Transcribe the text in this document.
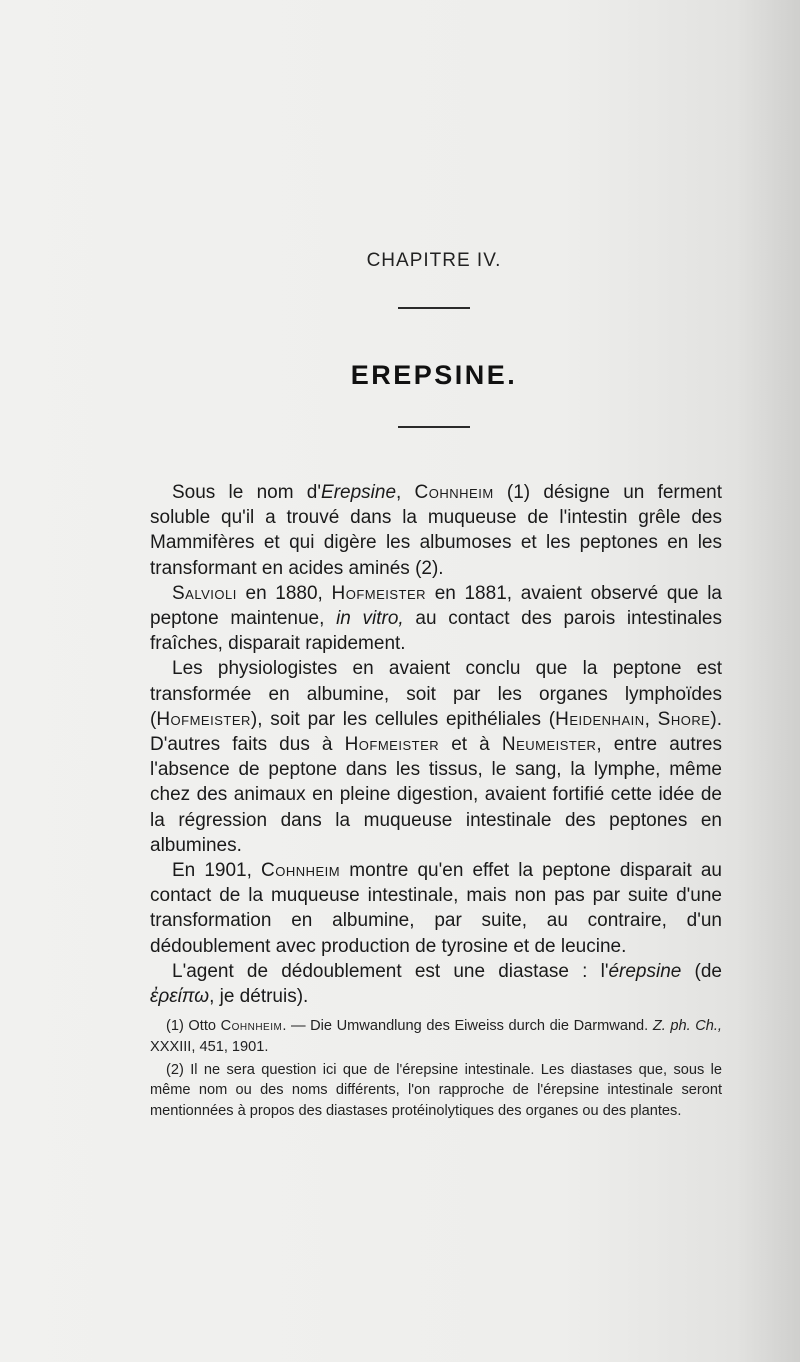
CHAPITRE IV.
EREPSINE.

Sous le nom d'Erepsine, Cohnheim (1) désigne un ferment soluble qu'il a trouvé dans la muqueuse de l'intestin grêle des Mammifères et qui digère les albumoses et les peptones en les transformant en acides aminés (2).

Salvioli en 1880, Hofmeister en 1881, avaient observé que la peptone maintenue, in vitro, au contact des parois intestinales fraîches, disparait rapidement.

Les physiologistes en avaient conclu que la peptone est transformée en albumine, soit par les organes lymphoïdes (Hofmeister), soit par les cellules epithéliales (Heidenhain, Shore). D'autres faits dus à Hofmeister et à Neumeister, entre autres l'absence de peptone dans les tissus, le sang, la lymphe, même chez des animaux en pleine digestion, avaient fortifié cette idée de la régression dans la muqueuse intestinale des peptones en albumines.

En 1901, Cohnheim montre qu'en effet la peptone disparait au contact de la muqueuse intestinale, mais non pas par suite d'une transformation en albumine, par suite, au contraire, d'un dédoublement avec production de tyrosine et de leucine.

L'agent de dédoublement est une diastase : l'érepsine (de ἐρείπω, je détruis).

(1) Otto Cohnheim. — Die Umwandlung des Eiweiss durch die Darmwand. Z. ph. Ch., XXXIII, 451, 1901.

(2) Il ne sera question ici que de l'érepsine intestinale. Les diastases que, sous le même nom ou des noms différents, l'on rapproche de l'érepsine intestinale seront mentionnées à propos des diastases protéinolytiques des organes ou des plantes.
